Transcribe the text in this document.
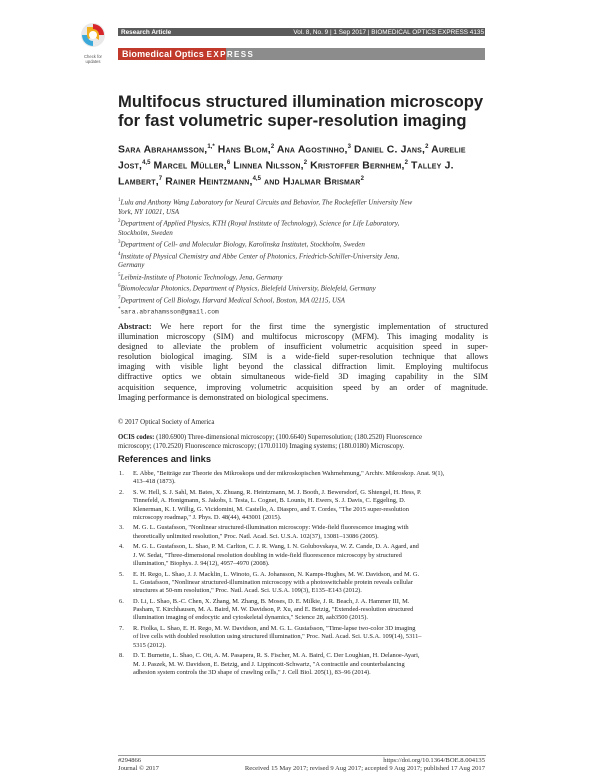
Check for
updates
Research Article	Vol. 8, No. 9 | 1 Sep 2017 | BIOMEDICAL OPTICS EXPRESS 4135
Biomedical Optics EXPRESS
Multifocus structured illumination microscopy
for fast volumetric super-resolution imaging
Sara Abrahamsson,$^{1,*}$ Hans Blom,$^2$ Ana Agostinho,$^3$ Daniel C. Jans,$^2$ Aurelie Jost,$^{4,5}$ Marcel Müller,$^6$ Linnea Nilsson,$^2$ Kristoffer Bernhem,$^2$ Talley J. Lambert,$^7$ Rainer Heintzmann,$^{4,5}$ and Hjalmar Brismar$^2$
$^1$Lulu and Anthony Wang Laboratory for Neural Circuits and Behavior, The Rockefeller University New
York, NY 10021, USA
$^2$Department of Applied Physics, KTH (Royal Institute of Technology), Science for Life Laboratory,
Stockholm, Sweden
$^3$Department of Cell- and Molecular Biology, Karolinska Institutet, Stockholm, Sweden
$^4$Institute of Physical Chemistry and Abbe Center of Photonics, Friedrich-Schiller-University Jena,
Germany
$^5$Leibniz-Institute of Photonic Technology, Jena, Germany
$^6$Biomolecular Photonics, Department of Physics, Bielefeld University, Bielefeld, Germany
$^7$Department of Cell Biology, Harvard Medical School, Boston, MA 02115, USA
*sara.abrahamsson@gmail.com
Abstract: We here report for the first time the synergistic implementation of structured
illumination microscopy (SIM) and multifocus microscopy (MFM). This imaging modality is
designed to alleviate the problem of insufficient volumetric acquisition speed in super-
resolution biological imaging. SIM is a wide-field super-resolution technique that allows
imaging with visible light beyond the classical diffraction limit. Employing multifocus
diffractive optics we obtain simultaneous wide-field 3D imaging capability in the SIM
acquisition sequence, improving volumetric acquisition speed by an order of magnitude.
Imaging performance is demonstrated on biological specimens.
© 2017 Optical Society of America
OCIS codes: (180.6900) Three-dimensional microscopy; (100.6640) Superresolution; (180.2520) Fluorescence
microscopy; (170.2520) Fluorescence microscopy; (170.0110) Imaging systems; (180.0180) Microscopy.
References and links
1. E. Abbe, "Beiträge zur Theorie des Mikroskops und der mikroskopischen Wahrnehmung," Archiv. Mikroskop. Anat. 9(1),
413–418 (1873).
2. S. W. Hell, S. J. Sahl, M. Bates, X. Zhuang, R. Heintzmann, M. J. Booth, J. Bewersdorf, G. Shtengel, H. Hess, P.
Tinnefeld, A. Honigmann, S. Jakobs, I. Testa, L. Cognet, B. Lounis, H. Ewers, S. J. Davis, C. Eggeling, D.
Klenerman, K. I. Willig, G. Vicidomini, M. Castello, A. Diaspro, and T. Cordes, "The 2015 super-resolution
microscopy roadmap," J. Phys. D. 48(44), 443001 (2015).
3. M. G. L. Gustafsson, "Nonlinear structured-illumination microscopy: Wide-field fluorescence imaging with
theoretically unlimited resolution," Proc. Natl. Acad. Sci. U.S.A. 102(37), 13081–13086 (2005).
4. M. G. L. Gustafsson, L. Shao, P. M. Carlton, C. J. R. Wang, I. N. Golubovskaya, W. Z. Cande, D. A. Agard, and
J. W. Sedat, "Three-dimensional resolution doubling in wide-field fluorescence microscopy by structured
illumination," Biophys. J. 94(12), 4957–4970 (2008).
5. E. H. Rego, L. Shao, J. J. Macklin, L. Winoto, G. A. Johansson, N. Kamps-Hughes, M. W. Davidson, and M. G.
L. Gustafsson, "Nonlinear structured-illumination microscopy with a photoswitchable protein reveals cellular
structures at 50-nm resolution," Proc. Natl. Acad. Sci. U.S.A. 109(3), E135–E143 (2012).
6. D. Li, L. Shao, B.-C. Chen, X. Zhang, M. Zhang, B. Moses, D. E. Milkie, J. R. Beach, J. A. Hammer III, M.
Pasham, T. Kirchhausen, M. A. Baird, M. W. Davidson, P. Xu, and E. Betzig, "Extended-resolution structured
illumination imaging of endocytic and cytoskeletal dynamics," Science 28, aab3500 (2015).
7. R. Fiolka, L. Shao, E. H. Rego, M. W. Davidson, and M. G. L. Gustafsson, "Time-lapse two-color 3D imaging
of live cells with doubled resolution using structured illumination," Proc. Natl. Acad. Sci. U.S.A. 109(14), 5311–
5315 (2012).
8. D. T. Burnette, L. Shao, C. Ott, A. M. Pasapera, R. S. Fischer, M. A. Baird, C. Der Loughian, H. Delanoe-Ayari,
M. J. Paszek, M. W. Davidson, E. Betzig, and J. Lippincott-Schwartz, "A contractile and counterbalancing
adhesion system controls the 3D shape of crawling cells," J. Cell Biol. 205(1), 83–96 (2014).
#294866
Journal © 2017
https://doi.org/10.1364/BOE.8.004135
Received 15 May 2017; revised 9 Aug 2017; accepted 9 Aug 2017; published 17 Aug 2017
